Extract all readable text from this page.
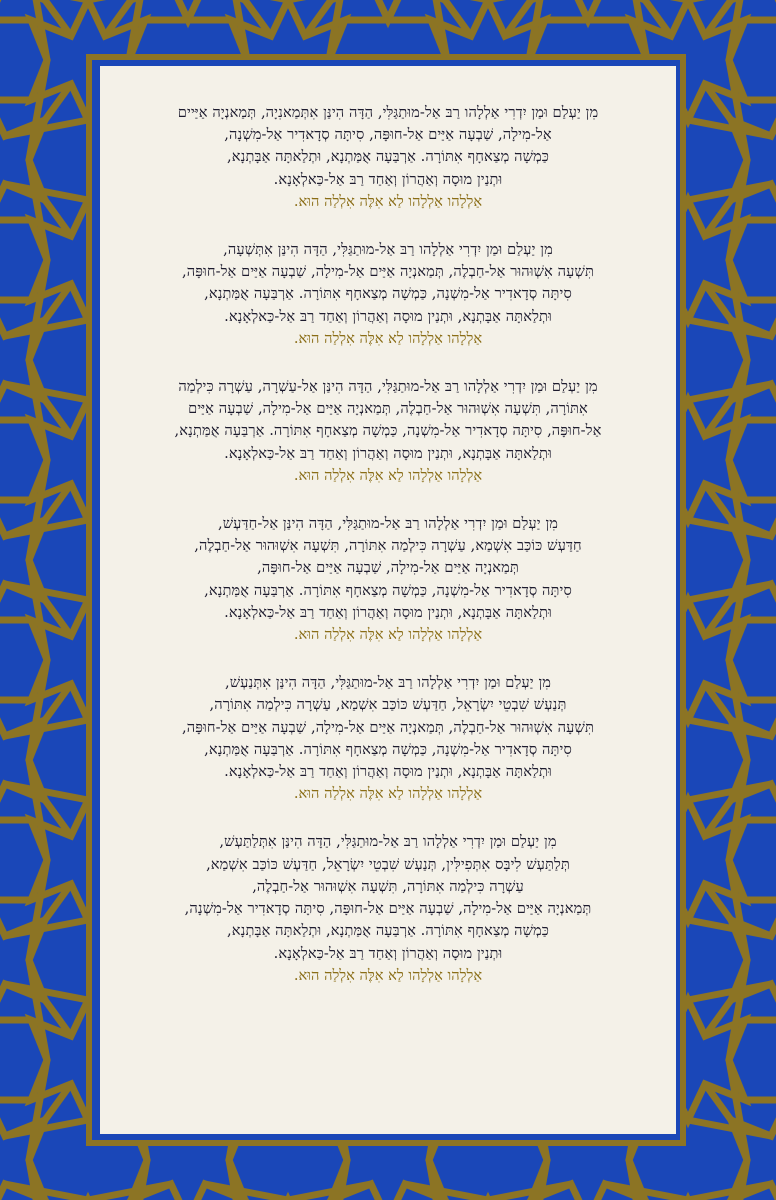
מִן יַעְלַם וּמַן יִדְרִי אַלְלָהו רַבּ אַל-מוּתַגַּלִּי, הַדָּה הִינַּן אִתְּמַאנִיָה, תְּמַאנְיָה אַיַּיים
אַל-מִילָה, שַׁבְעָה אַיַּים אַל-חוּפָּה, סִיתָּה סְדָאדִיר אַל-מִשְׁנָה,
כַּמְשָׁה מְצַאחָף אִתּוֹרָה. אַרְבַּעָה אֻמַּתְנָא, וּתְלַאתָּה אַבָּתְנָא,
וּתְנַין מוּסָה וְאַהֲרוֹן וְאַחַד רַבּ אַל-כַּאלְאָנָא.
אַלְלָהו אַלְלָהו לַא אִלֶּה אִלְלַה הוּא.
מִן יַעְלַם וּמַן יִדְרִי אַלְלָהו רַבּ אַל-מוּתַגַּלִּי, הַדָּה הִינַּן אִתְּשְׁעָה,
תִּשְׁעָה אִשְׁוּהוּר אַל-חַבְלֶה, תְּמַאנְיָה אַיַּים אַל-מִילָה, שַׁבְעָה אַיַּים אַל-חוּפָּה,
סִיתָּה סְדָאדִיר אַל-מִשְׁנָה, כַּמְשָׁה מְצַאחָף אִתּוֹרָה. אַרְבַּעָה אֻמַּתְנָא,
וּתְלַאתָּה אַבָּתְנָא, וּתְנַין מוּסָה וְאַהֲרוֹן וְאַחַד רַבּ אַל-כַּאלְאָנָא.
אַלְלָהו אַלְלָהו לַא אִלֶּה אִלְלַה הוּא.
מִן יַעְלַם וּמַן יִדְרִי אַלְלָהו רַבּ אַל-מוּתַגַּלִּי, הַדָּה הִינַּן אַל-עַשְׁרָה, עַשְׁרָה כִּילְמַה
אִתּוֹרָה, תִּשְׁעָה אִשְׁוּהוּר אַל-חַבְלֶה, תְּמַאנְיָה אַיַּים אַל-מִילָה, שַׁבְעָה אַיַּים
אַל-חוּפָּה, סִיתָּה סְדָאדִיר אַל-מִשְׁנָה, כַּמְשָׁה מְצַאחָף אִתּוֹרָה. אַרְבַּעָה אֻמַּתְנָא,
וּתְלַאתָּה אַבָּתְנָא, וּתְנַין מוּסָה וְאַהֲרוֹן וְאַחַד רַבּ אַל-כַּאלְאָנָא.
אַלְלָהו אַלְלָהו לַא אִלֶּה אִלְלַה הוּא.
מִן יַעְלַם וּמַן יִדְרִי אַלְלָהו רַבּ אַל-מוּתַגַּלִּי, הַדָּה הִינַּן אַל-חַדַּעְשׁ,
חַדַּעְשׁ כּוֹכַּב אִשְׁמַא, עַשְׁרָה כִּילְמַה אִתּוֹרָה, תִּשְׁעָה אִשְׁוּהוּר אַל-חַבְלֶה,
תְּמַאנְיָה אַיַּים אַל-מִילָה, שַׁבְעָה אַיַּים אַל-חוּפָּה,
סִיתָּה סְדָאדִיר אַל-מִשְׁנָה, כַּמְשָׁה מְצַאחָף אִתּוֹרָה. אַרְבַּעָה אֻמַּתְנָא,
וּתְלַאתָּה אַבָּתְנָא, וּתְנַין מוּסָה וְאַהֲרוֹן וְאַחַד רַבּ אַל-כַּאלְאָנָא.
אַלְלָהו אַלְלָהו לַא אִלֶּה אִלְלַה הוּא.
מִן יַעְלַם וּמַן יִדְרִי אַלְלָהו רַבּ אַל-מוּתַגַּלִּי, הַדָּה הִינַּן אִתְּנַעְשׁ,
תְּנַעְשׁ שִׁבְטֵי יִשְׂרָאֵל, חַדַּעְשׁ כּוֹכַּב אִשְׁמַא, עַשְׁרָה כִּילְמַה אִתּוֹרָה,
תִּשְׁעָה אִשְׁוּהוּר אַל-חַבְלֶה, תְּמַאנְיָה אַיַּים אַל-מִילָה, שַׁבְעָה אַיַּים אַל-חוּפָּה,
סִיתָּה סְדָאדִיר אַל-מִשְׁנָה, כַּמְשָׁה מְצַאחָף אִתּוֹרָה. אַרְבַּעָה אֻמַּתְנָא,
וּתְלַאתָּה אַבָּתְנָא, וּתְנַין מוּסָה וְאַהֲרוֹן וְאַחַד רַבּ אַל-כַּאלְאָנָא.
אַלְלָהו אַלְלָהו לַא אִלֶּה אִלְלַה הוּא.
מִן יַעְלַם וּמַן יִדְרִי אַלְלָהו רַבּ אַל-מוּתַגַּלִּי, הַדָּה הִינַּן אִתְּלַתַּעְשׁ,
תְּלַתַּעְשׁ לִיבָּס אִתְּפִילִּין, תְּנַעְשׁ שִׁבְטֵי יִשְׂרָאֵל, חַדַּעְשׁ כּוֹכַּב אִשְׁמַא,
עַשְׁרָה כִּילְמַה אִתּוֹרָה, תִּשְׁעָה אִשְׁוּהוּר אַל-חַבְלֶה,
תְּמַאנְיָה אַיַּים אַל-מִילָה, שַׁבְעָה אַיַּים אַל-חוּפָּה, סִיתָּה סְדָאדִיר אַל-מִשְׁנָה,
כַּמְשָׁה מְצַאחָף אִתּוֹרָה. אַרְבַּעָה אֻמַּתְנָא, וּתְלַאתָּה אַבָּתְנָא,
וּתְנַין מוּסָה וְאַהֲרוֹן וְאַחַד רַבּ אַל-כַּאלְאָנָא.
אַלְלָהו אַלְלָהו לַא אִלֶּה אִלְלַה הוּא.
